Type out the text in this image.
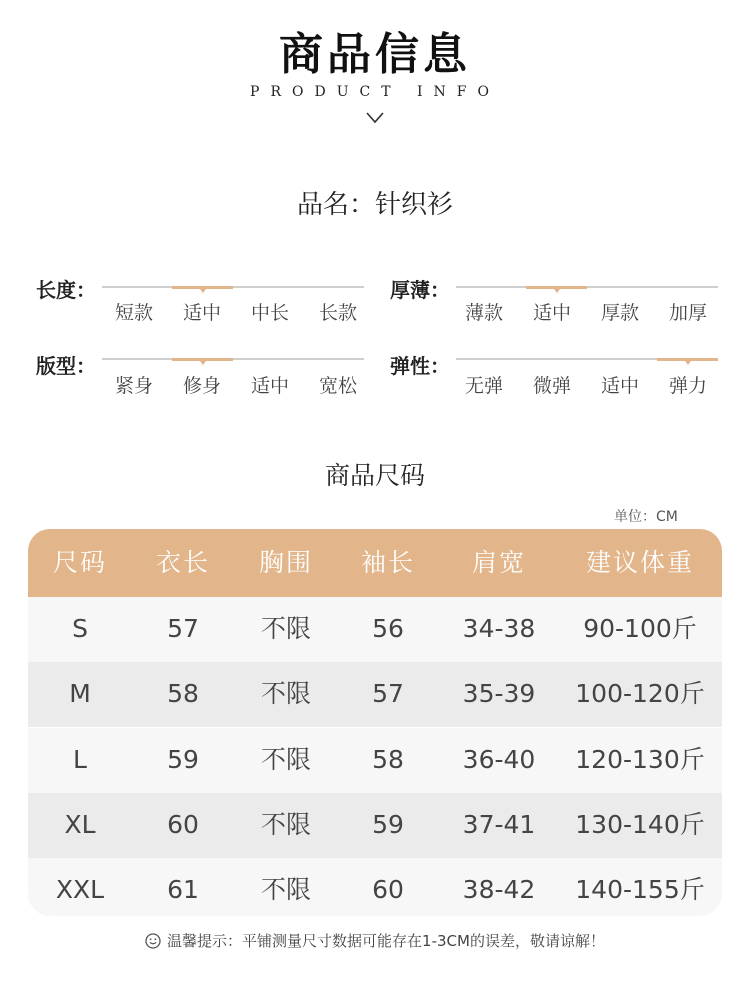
商品信息
PRODUCT INFO
品名：针织衫
长度：
短款	适中	中长	长款
厚薄：
薄款	适中	厚款	加厚
版型：
紧身	修身	适中	宽松
弹性：
无弹	微弹	适中	弹力
商品尺码
单位：CM
尺码	衣长	胸围	袖长	肩宽	建议体重
S	57	不限	56	34-38	90-100斤
M	58	不限	57	35-39	100-120斤
L	59	不限	58	36-40	120-130斤
XL	60	不限	59	37-41	130-140斤
XXL	61	不限	60	38-42	140-155斤
温馨提示：平铺测量尺寸数据可能存在1-3CM的误差，敬请谅解！
